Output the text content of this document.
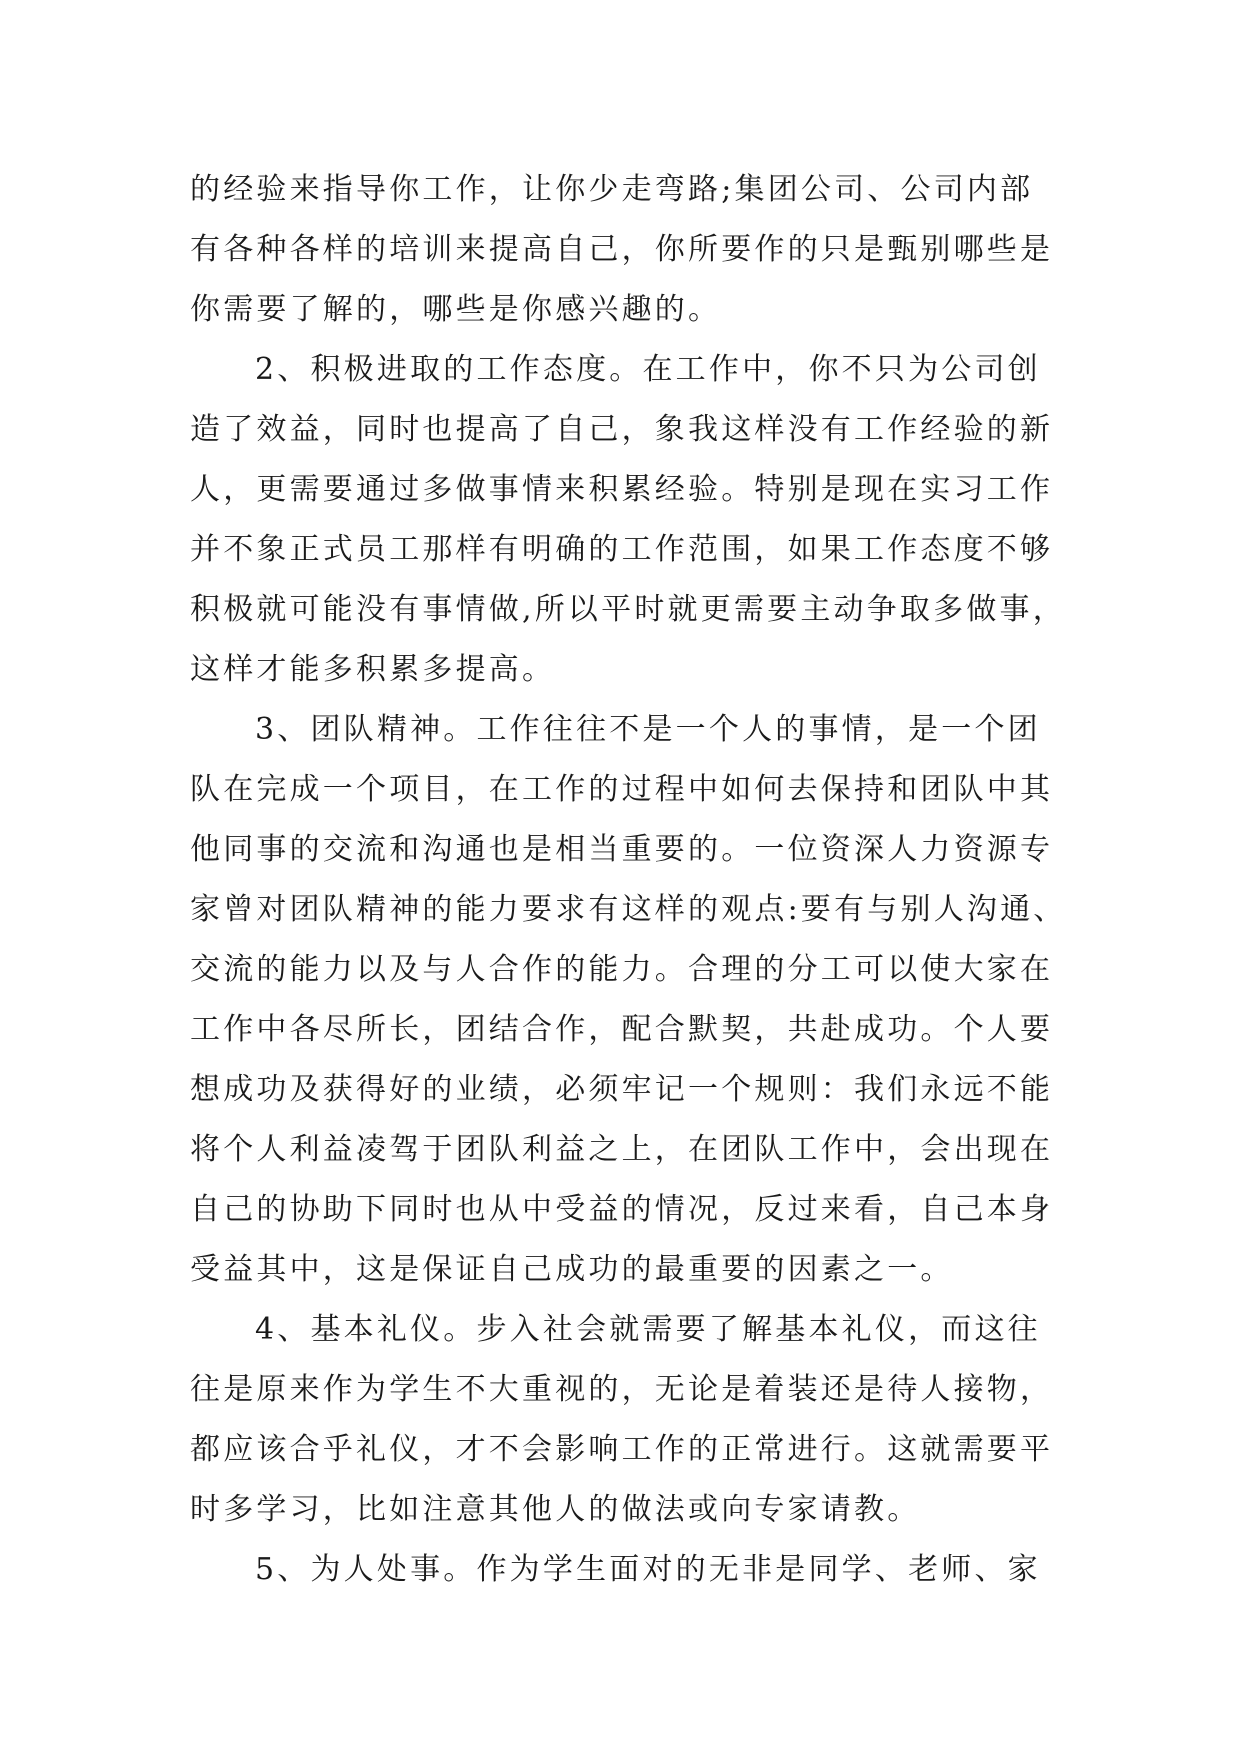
的经验来指导你工作，让你少走弯路;集团公司、公司内部
有各种各样的培训来提高自己，你所要作的只是甄别哪些是
你需要了解的，哪些是你感兴趣的。
2、积极进取的工作态度。在工作中，你不只为公司创
造了效益，同时也提高了自己，象我这样没有工作经验的新
人，更需要通过多做事情来积累经验。特别是现在实习工作
并不象正式员工那样有明确的工作范围，如果工作态度不够
积极就可能没有事情做,所以平时就更需要主动争取多做事，
这样才能多积累多提高。
3、团队精神。工作往往不是一个人的事情，是一个团
队在完成一个项目，在工作的过程中如何去保持和团队中其
他同事的交流和沟通也是相当重要的。一位资深人力资源专
家曾对团队精神的能力要求有这样的观点:要有与别人沟通、
交流的能力以及与人合作的能力。合理的分工可以使大家在
工作中各尽所长，团结合作，配合默契，共赴成功。个人要
想成功及获得好的业绩，必须牢记一个规则：我们永远不能
将个人利益凌驾于团队利益之上，在团队工作中，会出现在
自己的协助下同时也从中受益的情况，反过来看，自己本身
受益其中，这是保证自己成功的最重要的因素之一。
4、基本礼仪。步入社会就需要了解基本礼仪，而这往
往是原来作为学生不大重视的，无论是着装还是待人接物，
都应该合乎礼仪，才不会影响工作的正常进行。这就需要平
时多学习，比如注意其他人的做法或向专家请教。
5、为人处事。作为学生面对的无非是同学、老师、家
